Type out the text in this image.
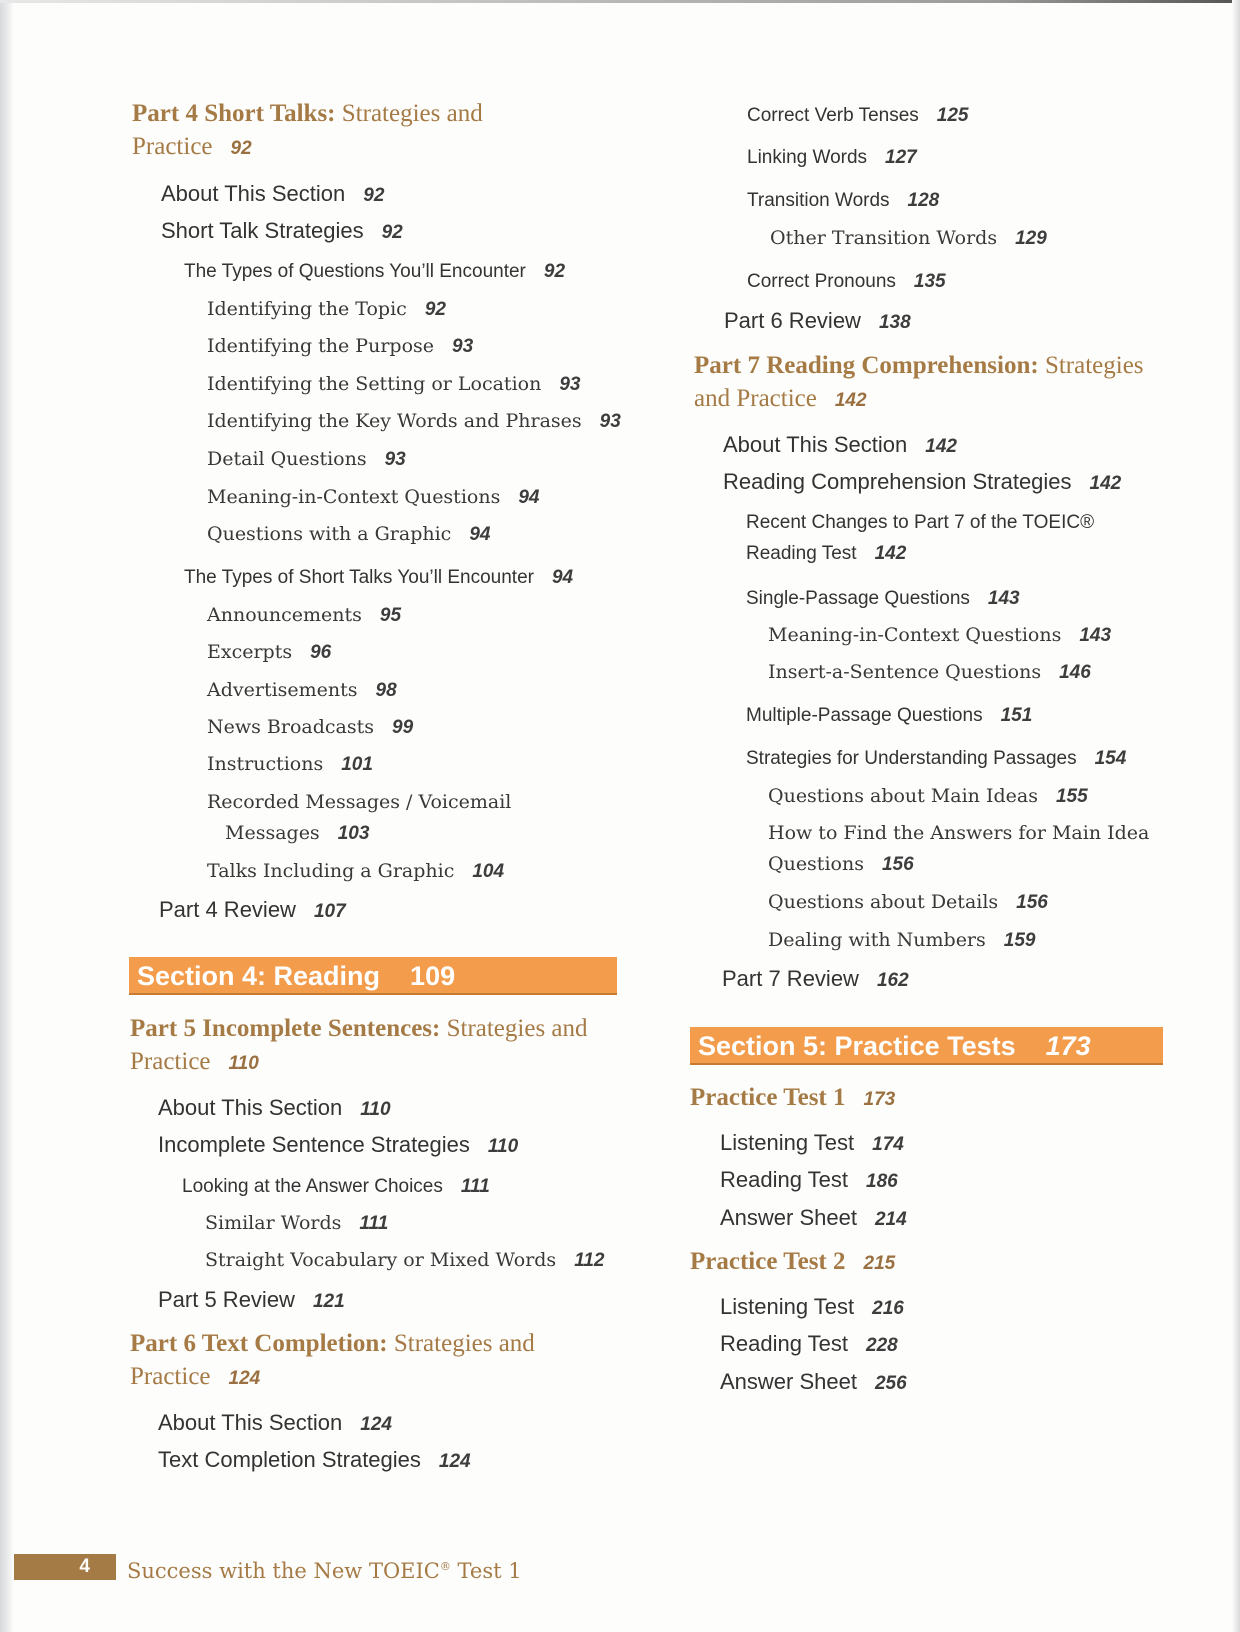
Part 4 Short Talks: Strategies and
Practice 92
About This Section 92
Short Talk Strategies 92
The Types of Questions You’ll Encounter 92
Identifying the Topic 92
Identifying the Purpose 93
Identifying the Setting or Location 93
Identifying the Key Words and Phrases 93
Detail Questions 93
Meaning-in-Context Questions 94
Questions with a Graphic 94
The Types of Short Talks You’ll Encounter 94
Announcements 95
Excerpts 96
Advertisements 98
News Broadcasts 99
Instructions 101
Recorded Messages / Voicemail
Messages 103
Talks Including a Graphic 104
Part 4 Review 107
Section 4: Reading 109
Part 5 Incomplete Sentences: Strategies and
Practice 110
About This Section 110
Incomplete Sentence Strategies 110
Looking at the Answer Choices 111
Similar Words 111
Straight Vocabulary or Mixed Words 112
Part 5 Review 121
Part 6 Text Completion: Strategies and
Practice 124
About This Section 124
Text Completion Strategies 124
Correct Verb Tenses 125
Linking Words 127
Transition Words 128
Other Transition Words 129
Correct Pronouns 135
Part 6 Review 138
Part 7 Reading Comprehension: Strategies
and Practice 142
About This Section 142
Reading Comprehension Strategies 142
Recent Changes to Part 7 of the TOEIC®
Reading Test 142
Single-Passage Questions 143
Meaning-in-Context Questions 143
Insert-a-Sentence Questions 146
Multiple-Passage Questions 151
Strategies for Understanding Passages 154
Questions about Main Ideas 155
How to Find the Answers for Main Idea
Questions 156
Questions about Details 156
Dealing with Numbers 159
Part 7 Review 162
Section 5: Practice Tests 173
Practice Test 1 173
Listening Test 174
Reading Test 186
Answer Sheet 214
Practice Test 2 215
Listening Test 216
Reading Test 228
Answer Sheet 256
4	Success with the New TOEIC® Test 1
